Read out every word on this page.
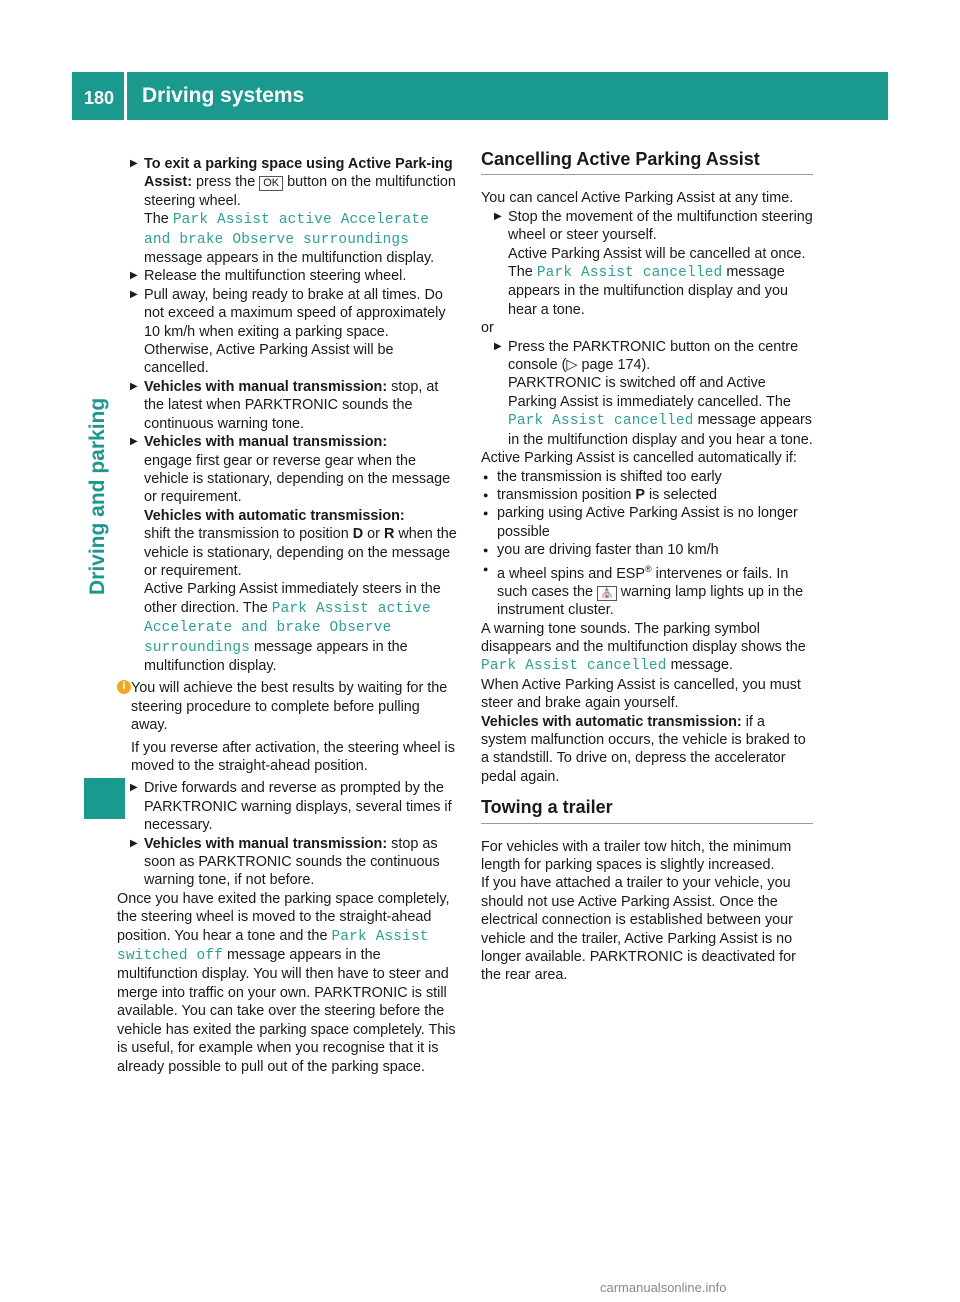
180 Driving systems
Driving and parking
▶ To exit a parking space using Active Park-ing Assist: press the OK button on the multifunction steering wheel.
The Park Assist active Accelerate and brake Observe surroundings message appears in the multifunction display.
▶ Release the multifunction steering wheel.
▶ Pull away, being ready to brake at all times. Do not exceed a maximum speed of approximately 10 km/h when exiting a parking space. Otherwise, Active Parking Assist will be cancelled.
▶ Vehicles with manual transmission: stop, at the latest when PARKTRONIC sounds the continuous warning tone.
▶ Vehicles with manual transmission:
engage first gear or reverse gear when the vehicle is stationary, depending on the message or requirement.
Vehicles with automatic transmission:
shift the transmission to position D or R when the vehicle is stationary, depending on the message or requirement.
Active Parking Assist immediately steers in the other direction. The Park Assist active Accelerate and brake Observe surroundings message appears in the multifunction display.
i You will achieve the best results by waiting for the steering procedure to complete before pulling away.

If you reverse after activation, the steering wheel is moved to the straight-ahead position.

▶ Drive forwards and reverse as prompted by the PARKTRONIC warning displays, several times if necessary.
▶ Vehicles with manual transmission: stop as soon as PARKTRONIC sounds the continuous warning tone, if not before.

Once you have exited the parking space completely, the steering wheel is moved to the straight-ahead position. You hear a tone and the Park Assist switched off message appears in the multifunction display. You will then have to steer and merge into traffic on your own. PARKTRONIC is still available. You can take over the steering before the vehicle has exited the parking space completely. This is useful, for example when you recognise that it is already possible to pull out of the parking space.

Cancelling Active Parking Assist

You can cancel Active Parking Assist at any time.

▶ Stop the movement of the multifunction steering wheel or steer yourself.
Active Parking Assist will be cancelled at once. The Park Assist cancelled message appears in the multifunction display and you hear a tone.

or

▶ Press the PARKTRONIC button on the centre console (▷ page 174).
PARKTRONIC is switched off and Active Parking Assist is immediately cancelled. The Park Assist cancelled message appears in the multifunction display and you hear a tone.

Active Parking Assist is cancelled automatically if:

● the transmission is shifted too early
● transmission position P is selected
● parking using Active Parking Assist is no longer possible
● you are driving faster than 10 km/h
● a wheel spins and ESP® intervenes or fails. In such cases the ⛪ warning lamp lights up in the instrument cluster.

A warning tone sounds. The parking symbol disappears and the multifunction display shows the Park Assist cancelled message.

When Active Parking Assist is cancelled, you must steer and brake again yourself.

Vehicles with automatic transmission: if a system malfunction occurs, the vehicle is braked to a standstill. To drive on, depress the accelerator pedal again.

Towing a trailer

For vehicles with a trailer tow hitch, the minimum length for parking spaces is slightly increased.

If you have attached a trailer to your vehicle, you should not use Active Parking Assist. Once the electrical connection is established between your vehicle and the trailer, Active Parking Assist is no longer available. PARKTRONIC is deactivated for the rear area.

carmanualsonline.info
